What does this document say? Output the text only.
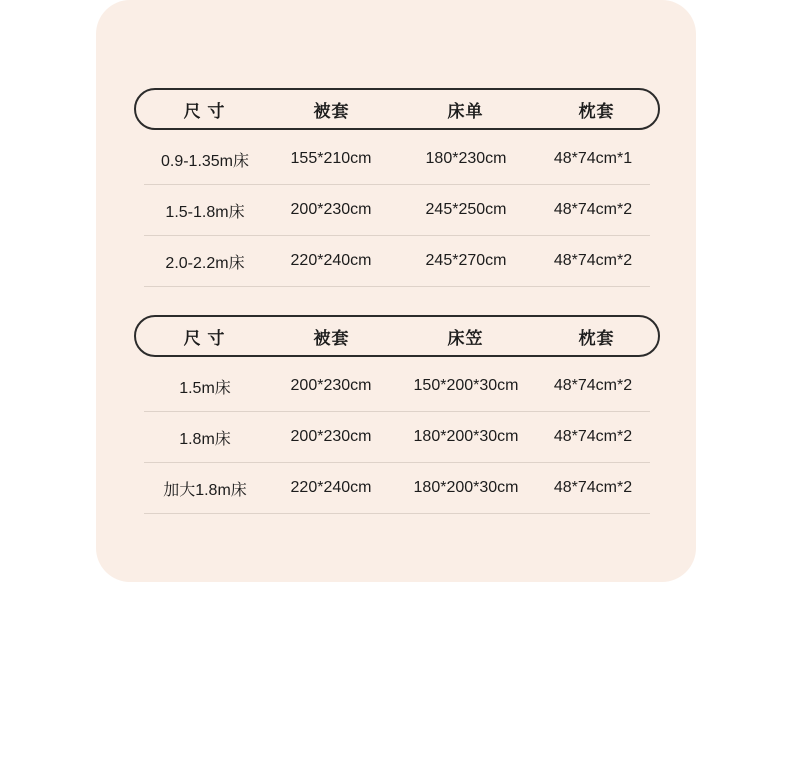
尺 寸	被套	床单	枕套
0.9-1.35m床	155*210cm	180*230cm	48*74cm*1
1.5-1.8m床	200*230cm	245*250cm	48*74cm*2
2.0-2.2m床	220*240cm	245*270cm	48*74cm*2
尺 寸	被套	床笠	枕套
1.5m床	200*230cm	150*200*30cm	48*74cm*2
1.8m床	200*230cm	180*200*30cm	48*74cm*2
加大1.8m床	220*240cm	180*200*30cm	48*74cm*2
